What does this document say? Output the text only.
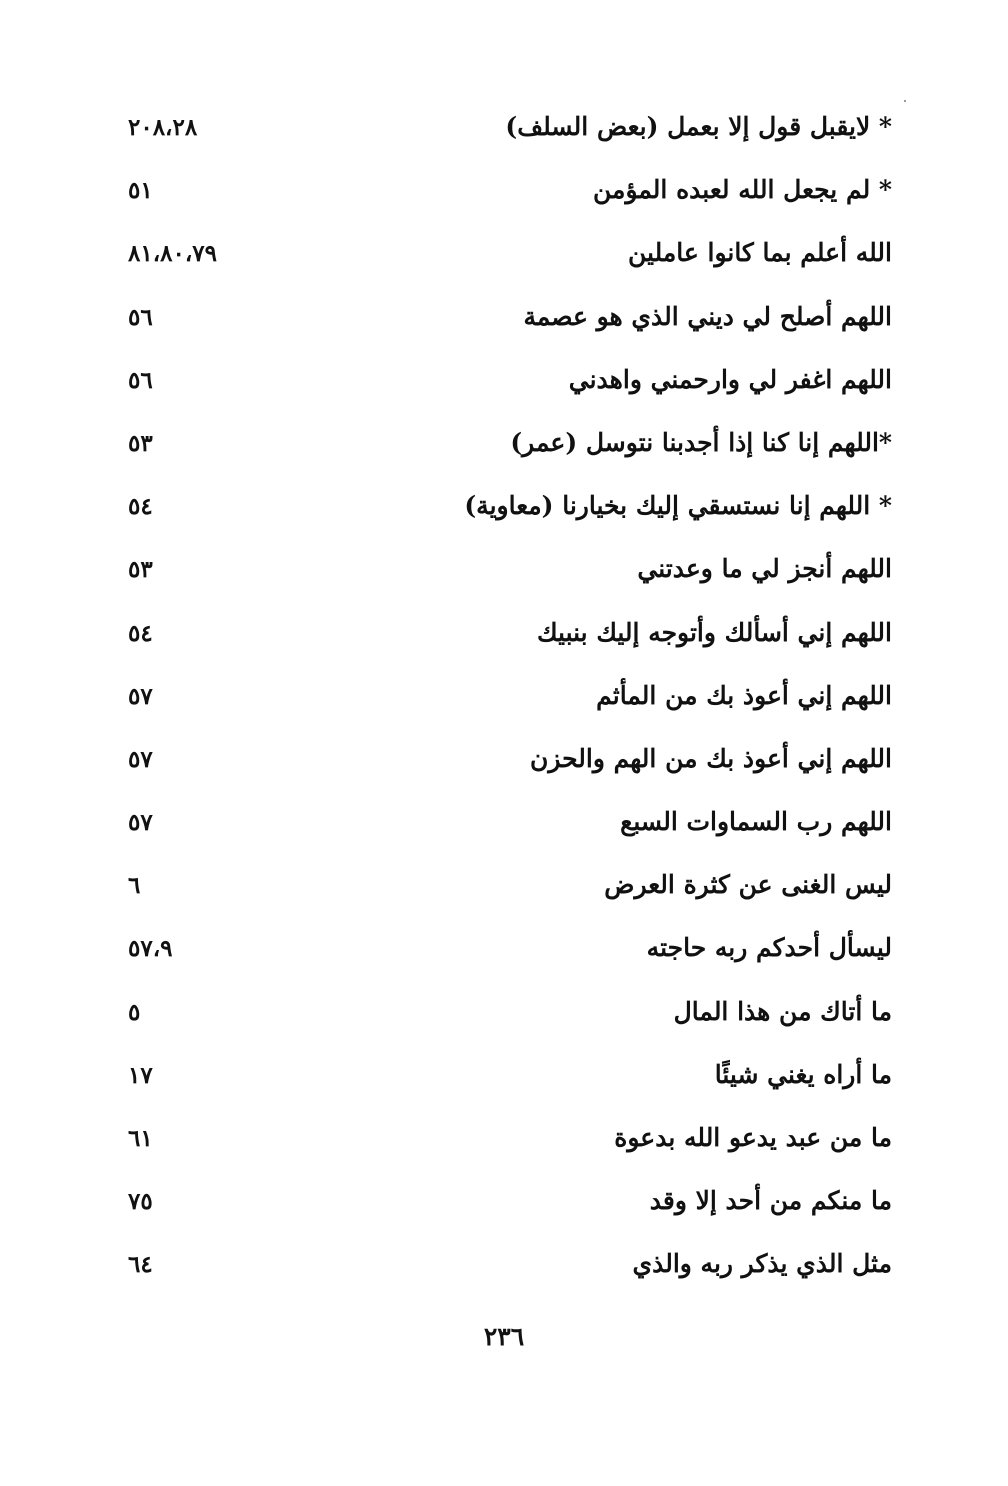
* لايقبل قول إلا بعمل (بعض السلف)
٢٠٨،٢٨
* لم يجعل الله لعبده المؤمن
٥١
الله أعلم بما كانوا عاملين
٨١،٨٠،٧٩
اللهم أصلح لي ديني الذي هو عصمة
٥٦
اللهم اغفر لي وارحمني واهدني
٥٦
*اللهم إنا كنا إذا أجدبنا نتوسل (عمر)
٥٣
* اللهم إنا نستسقي إليك بخيارنا (معاوية)
٥٤
اللهم أنجز لي ما وعدتني
٥٣
اللهم إني أسألك وأتوجه إليك بنبيك
٥٤
اللهم إني أعوذ بك من المأثم
٥٧
اللهم إني أعوذ بك من الهم والحزن
٥٧
اللهم رب السماوات السبع
٥٧
ليس الغنى عن كثرة العرض
٦
ليسأل أحدكم ربه حاجته
٥٧،٩
ما أتاك من هذا المال
٥
ما أراه يغني شيئًا
١٧
ما من عبد يدعو الله بدعوة
٦١
ما منكم من أحد إلا وقد
٧٥
مثل الذي يذكر ربه والذي
٦٤
٢٣٦
